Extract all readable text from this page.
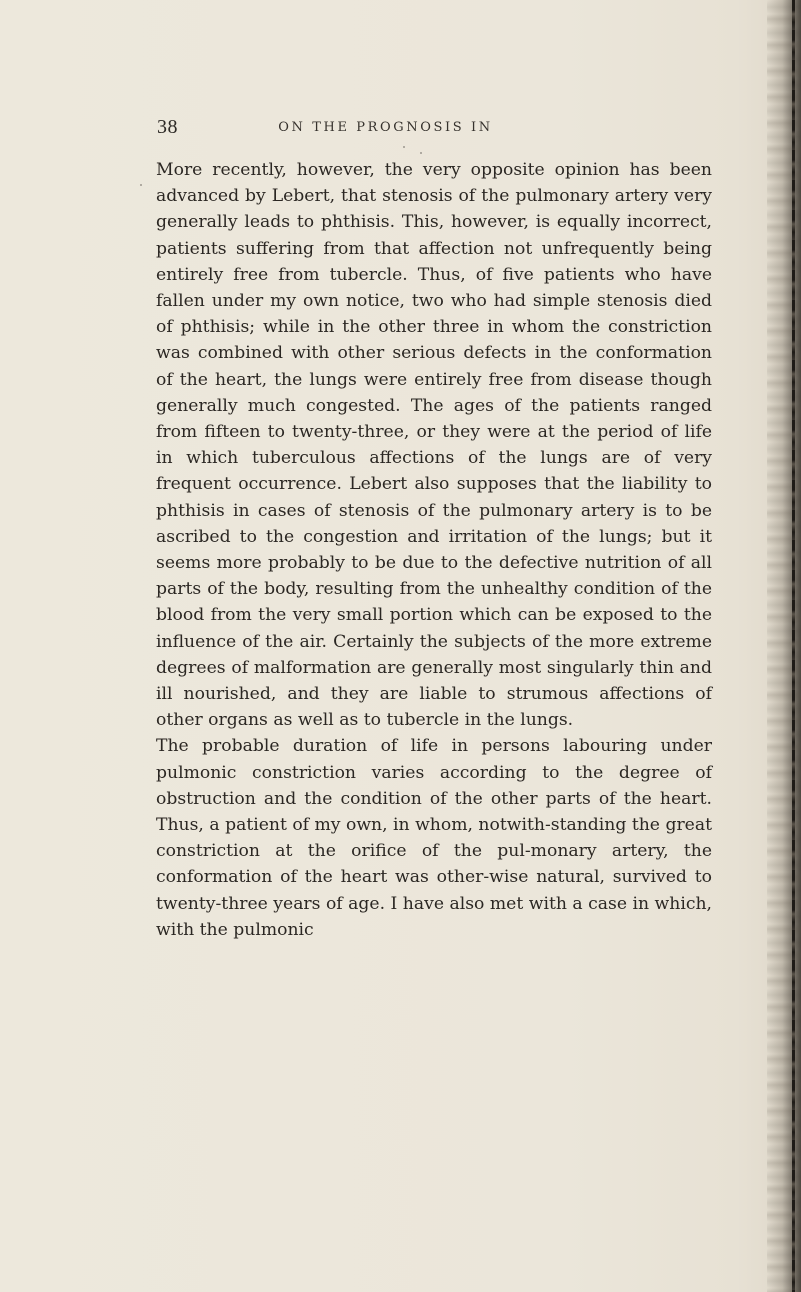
38	ON THE PROGNOSIS IN

More recently, however, the very opposite opinion has been advanced by Lebert, that stenosis of the pulmonary artery very generally leads to phthisis. This, however, is equally incorrect, patients suffering from that affection not unfrequently being entirely free from tubercle. Thus, of five patients who have fallen under my own notice, two who had simple stenosis died of phthisis; while in the other three in whom the constriction was combined with other serious defects in the conformation of the heart, the lungs were entirely free from disease though generally much congested. The ages of the patients ranged from fifteen to twenty-three, or they were at the period of life in which tuberculous affections of the lungs are of very frequent occurrence. Lebert also supposes that the liability to phthisis in cases of stenosis of the pulmonary artery is to be ascribed to the congestion and irritation of the lungs; but it seems more probably to be due to the defective nutrition of all parts of the body, resulting from the unhealthy condition of the blood from the very small portion which can be exposed to the influence of the air. Certainly the subjects of the more extreme degrees of malformation are generally most singularly thin and ill nourished, and they are liable to strumous affections of other organs as well as to tubercle in the lungs.

The probable duration of life in persons labouring under pulmonic constriction varies according to the degree of obstruction and the condition of the other parts of the heart. Thus, a patient of my own, in whom, notwith-standing the great constriction at the orifice of the pul-monary artery, the conformation of the heart was other-wise natural, survived to twenty-three years of age. I have also met with a case in which, with the pulmonic
